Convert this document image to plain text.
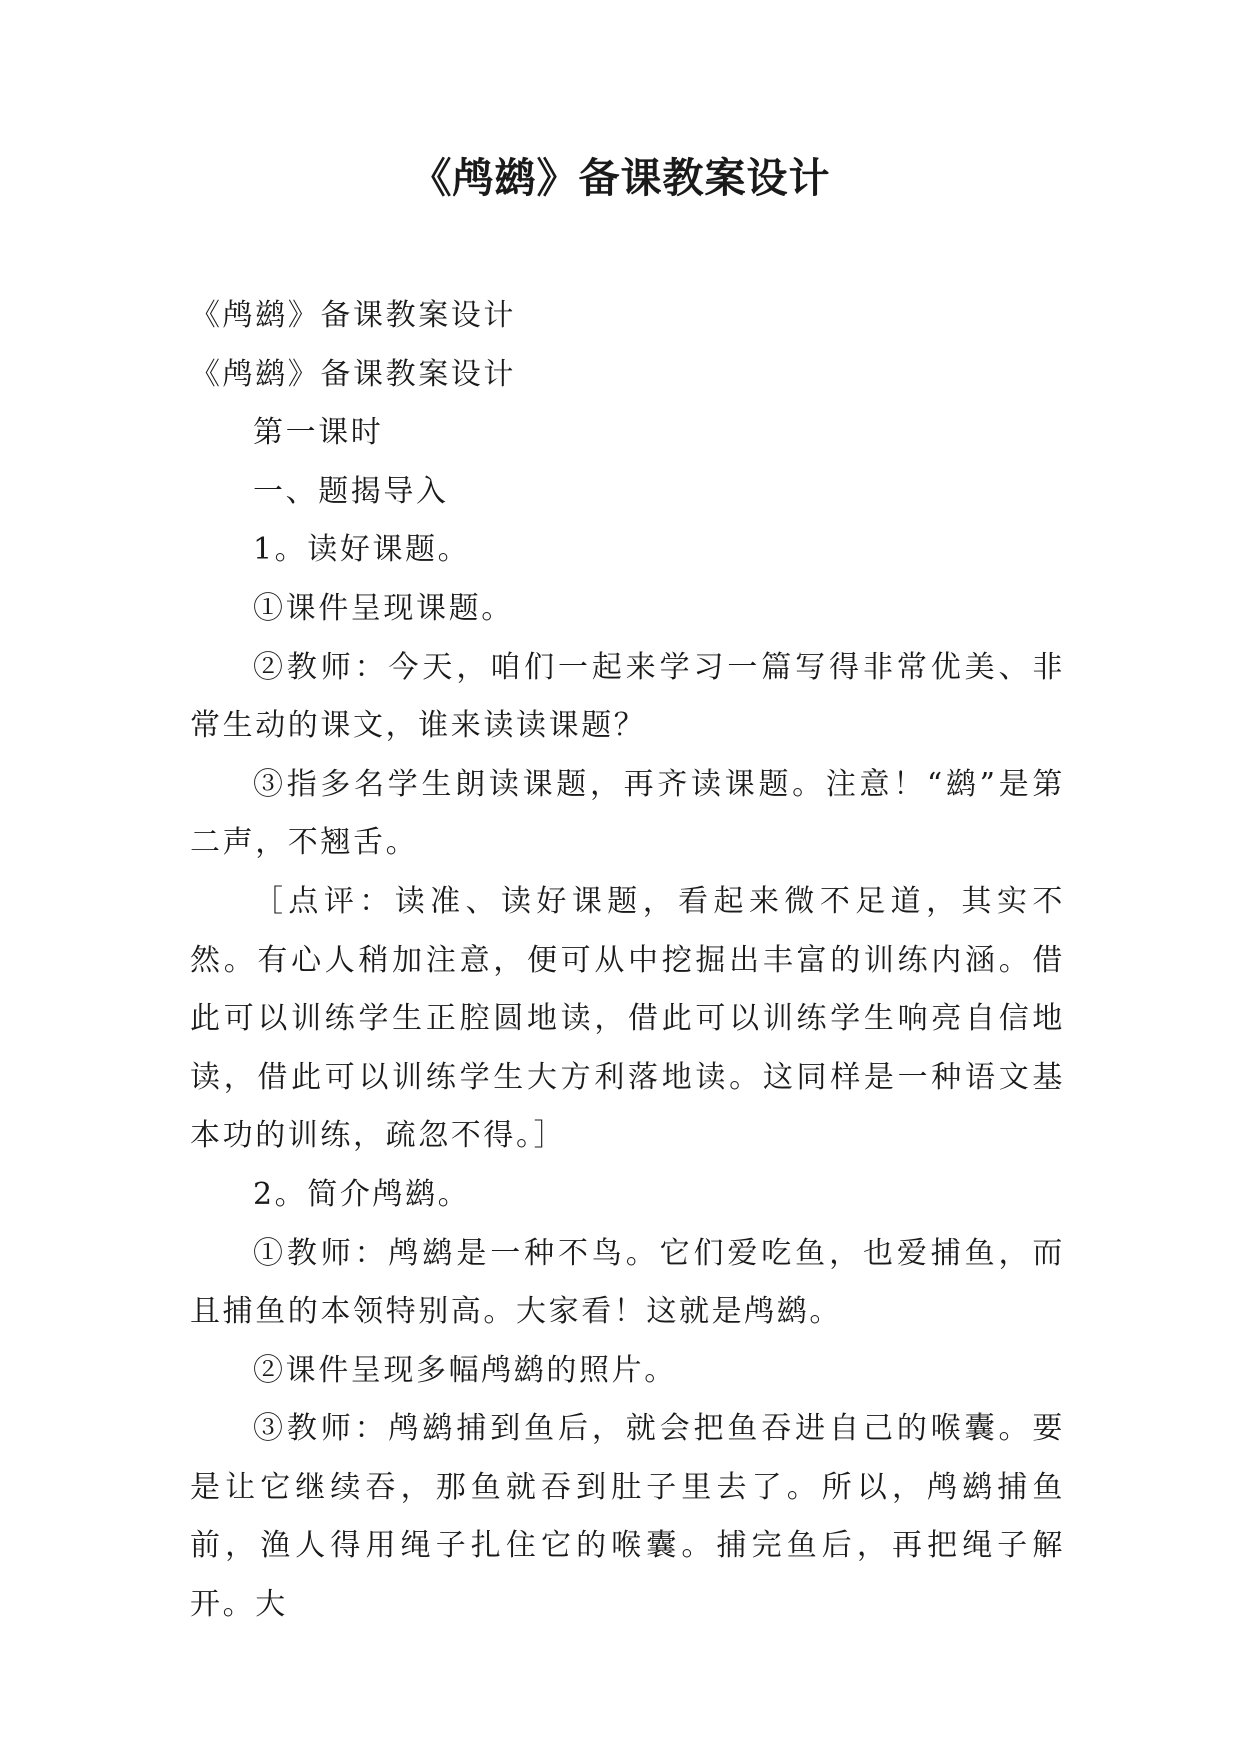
《鸬鹚》备课教案设计

《鸬鹚》备课教案设计

《鸬鹚》备课教案设计

第一课时

一、题揭导入

1。读好课题。

①课件呈现课题。

②教师：今天，咱们一起来学习一篇写得非常优美、非常生动的课文，谁来读读课题？

③指多名学生朗读课题，再齐读课题。注意！“鹚”是第二声，不翘舌。

［点评：读准、读好课题，看起来微不足道，其实不然。有心人稍加注意，便可从中挖掘出丰富的训练内涵。借此可以训练学生正腔圆地读，借此可以训练学生响亮自信地读，借此可以训练学生大方利落地读。这同样是一种语文基本功的训练，疏忽不得。］

2。简介鸬鹚。

①教师：鸬鹚是一种不鸟。它们爱吃鱼，也爱捕鱼，而且捕鱼的本领特别高。大家看！这就是鸬鹚。

②课件呈现多幅鸬鹚的照片。

③教师：鸬鹚捕到鱼后，就会把鱼吞进自己的喉囊。要是让它继续吞，那鱼就吞到肚子里去了。所以，鸬鹚捕鱼前，渔人得用绳子扎住它的喉囊。捕完鱼后，再把绳子解开。大
